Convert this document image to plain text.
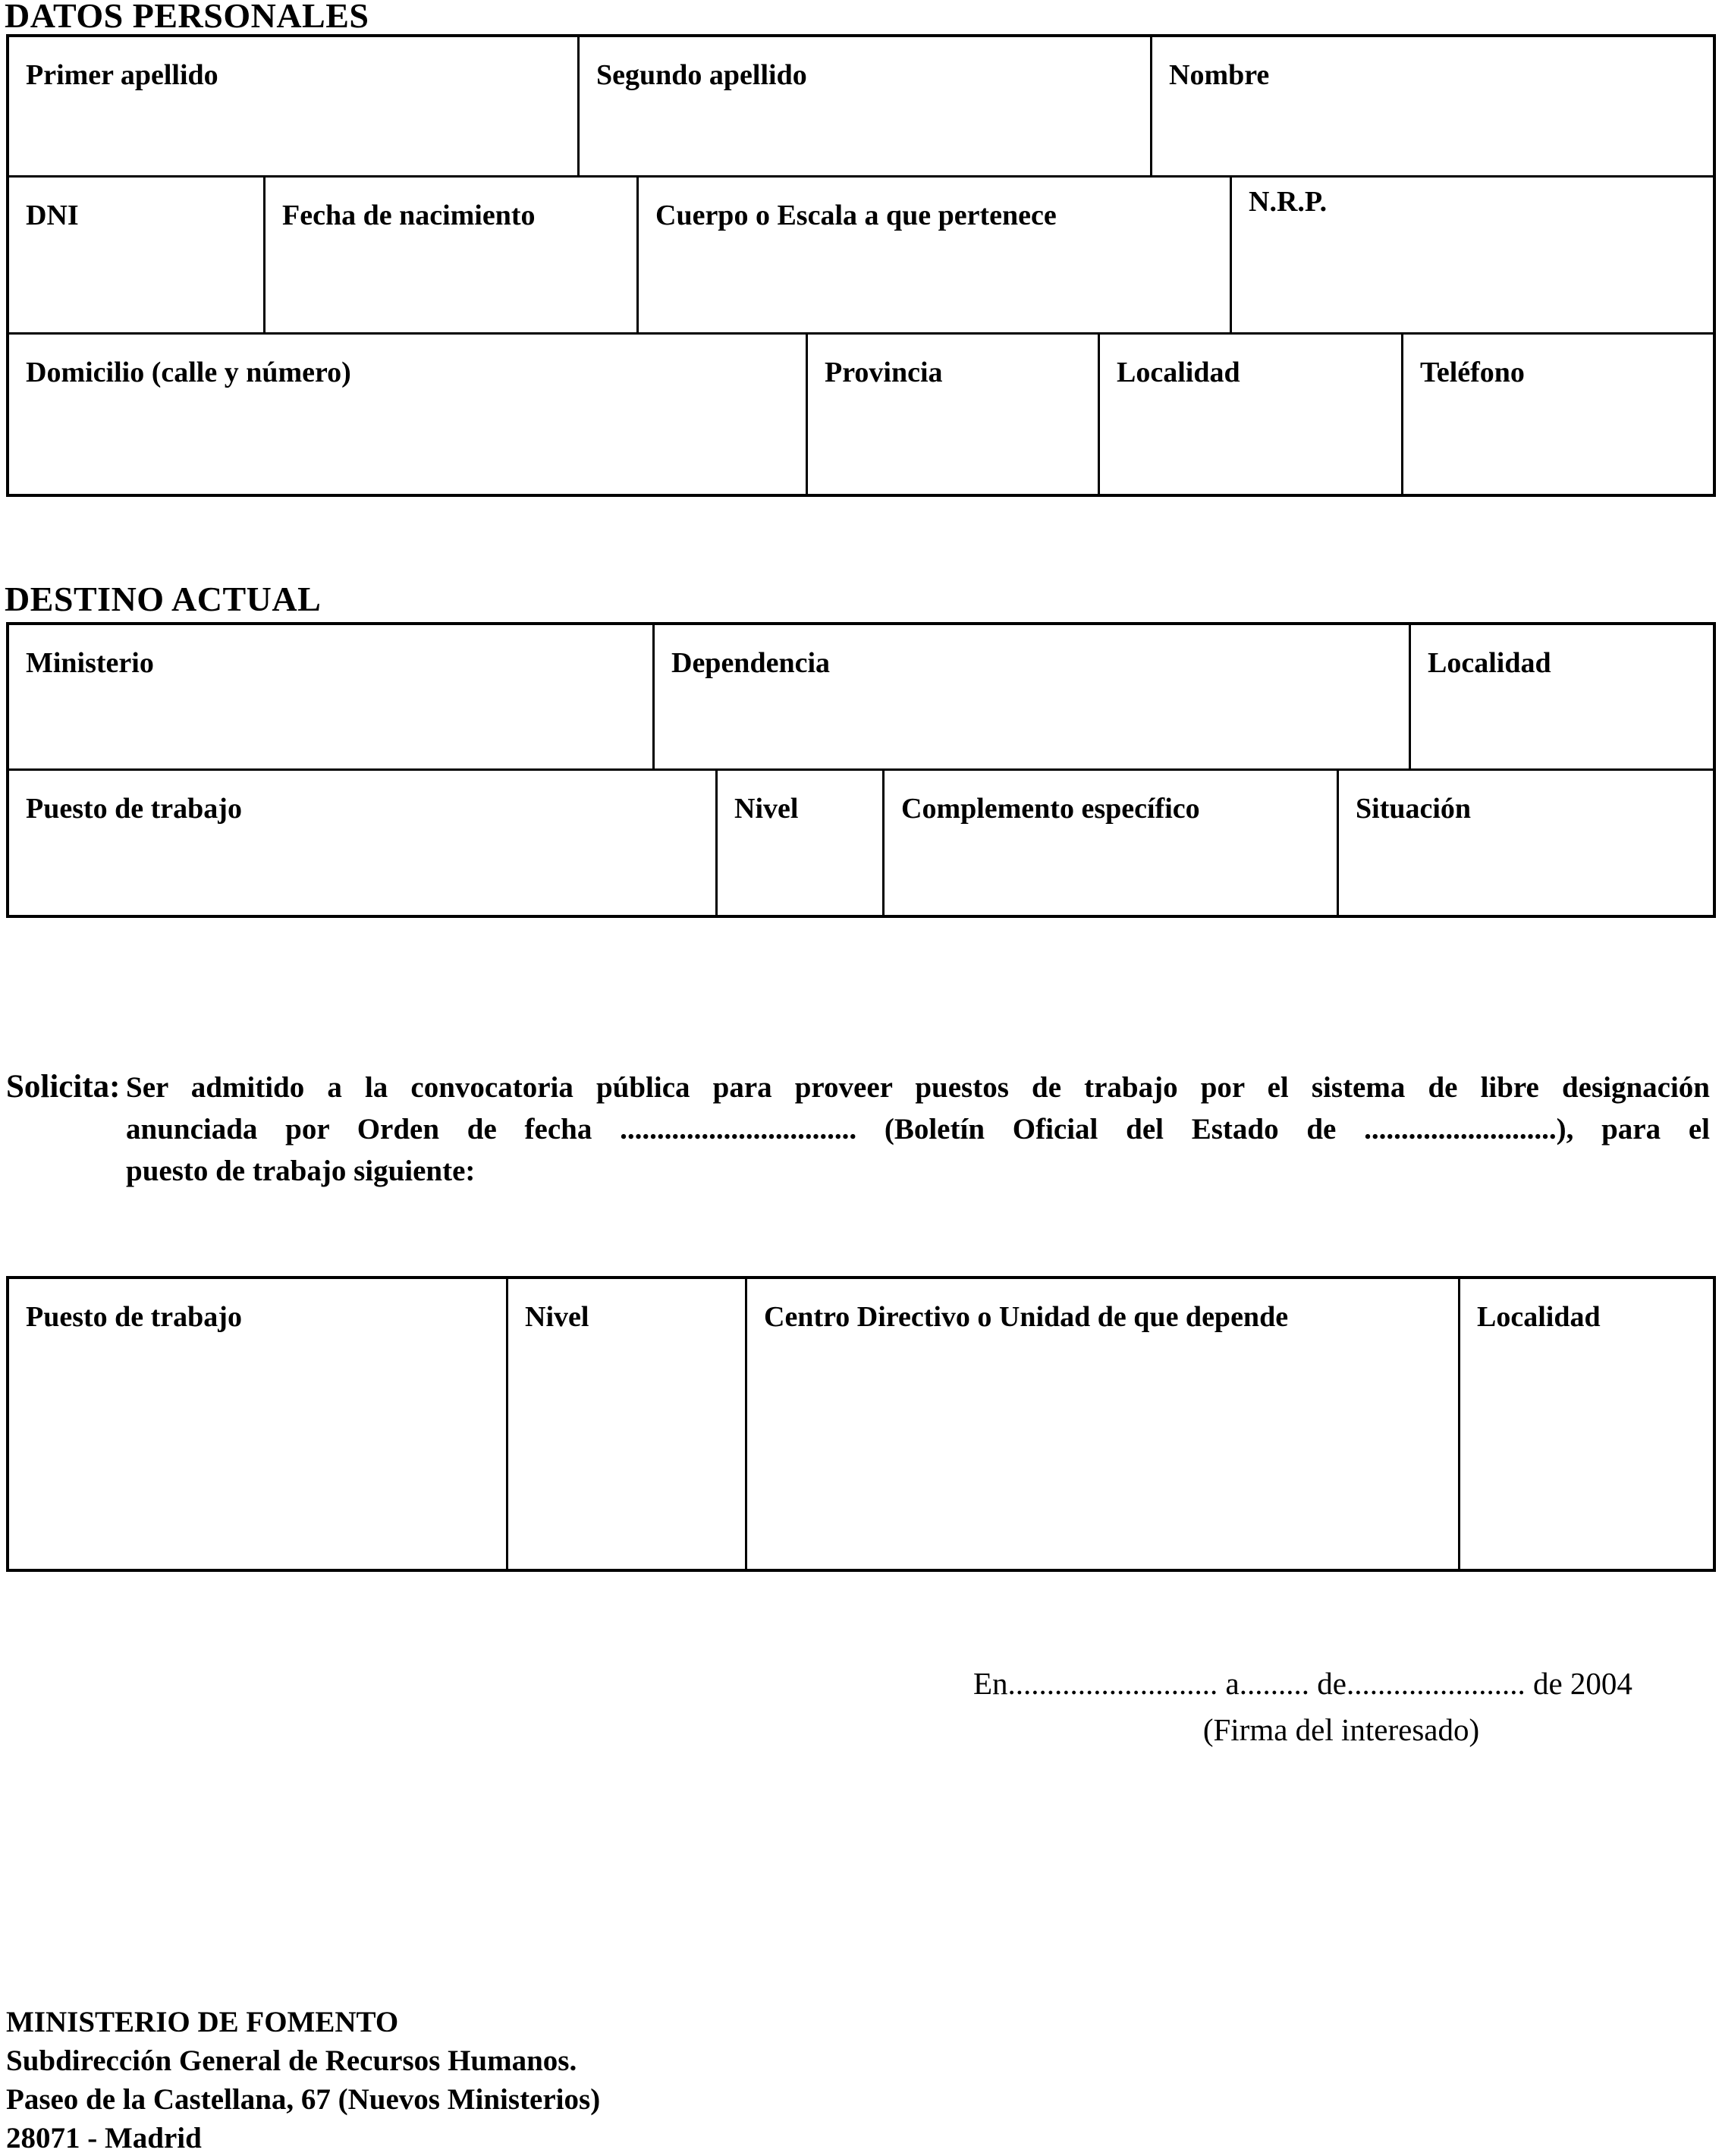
DATOS PERSONALES
Primer apellido	Segundo apellido	Nombre
DNI	Fecha de nacimiento	Cuerpo o Escala a que pertenece	N.R.P.
Domicilio (calle y número)	Provincia	Localidad	Teléfono
DESTINO ACTUAL
Ministerio	Dependencia	Localidad
Puesto de trabajo	Nivel	Complemento específico	Situación
Solicita: Ser admitido a la convocatoria pública para proveer puestos de trabajo por el sistema de libre designación
anunciada por Orden de fecha ................................ (Boletín Oficial del Estado de ..........................), para el
puesto de trabajo siguiente:
Puesto de trabajo	Nivel	Centro Directivo o Unidad de que depende	Localidad
En........................... a......... de....................... de 2004
(Firma del interesado)
MINISTERIO DE FOMENTO
Subdirección General de Recursos Humanos.
Paseo de la Castellana, 67 (Nuevos Ministerios)
28071 - Madrid
